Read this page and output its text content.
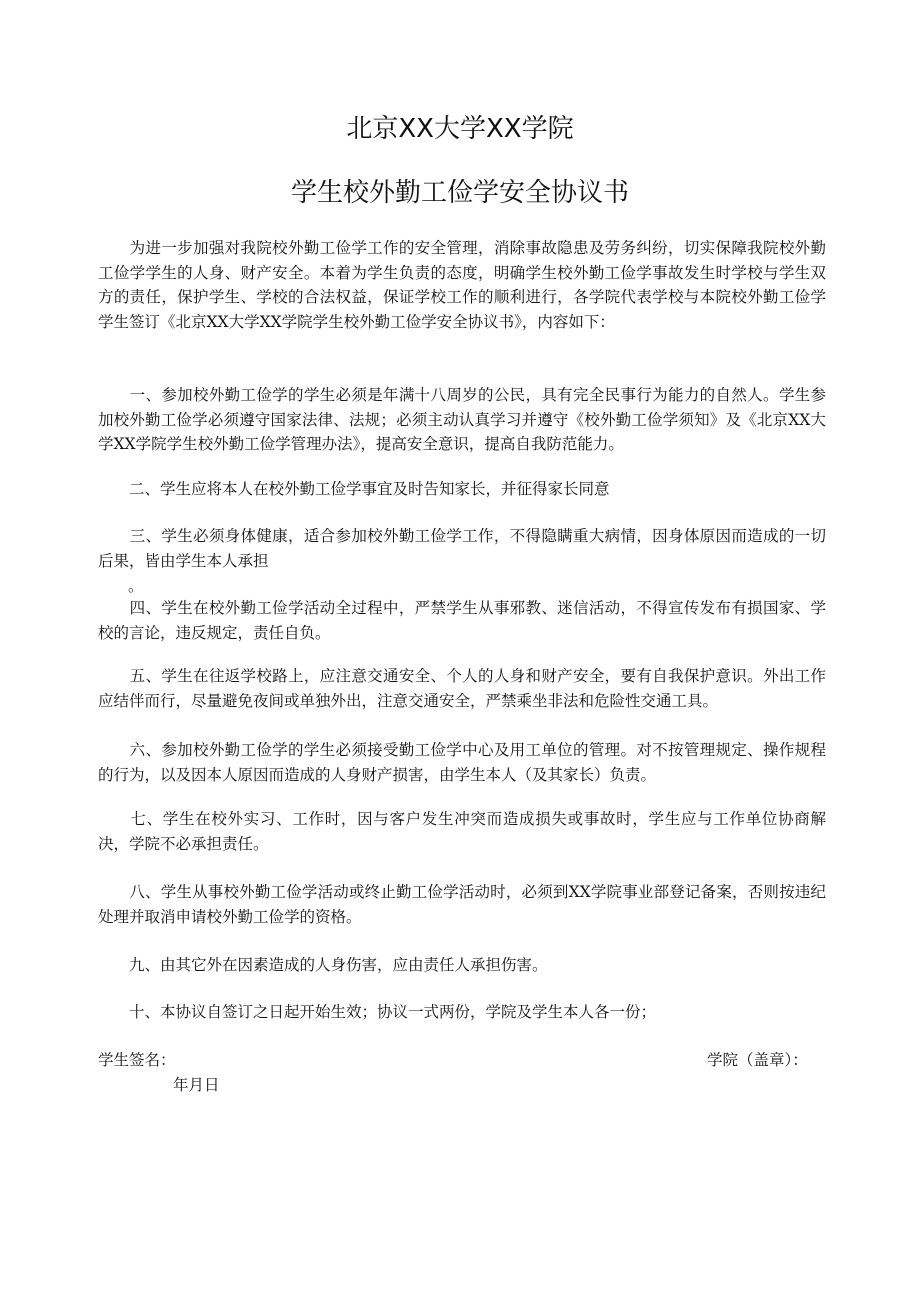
北京XX大学XX学院
学生校外勤工俭学安全协议书

　　为进一步加强对我院校外勤工俭学工作的安全管理，消除事故隐患及劳务纠纷，切实保障我院校外勤工俭学学生的人身、财产安全。本着为学生负责的态度，明确学生校外勤工俭学事故发生时学校与学生双方的责任，保护学生、学校的合法权益，保证学校工作的顺利进行，各学院代表学校与本院校外勤工俭学学生签订《北京XX大学XX学院学生校外勤工俭学安全协议书》，内容如下：

　　一、参加校外勤工俭学的学生必须是年满十八周岁的公民，具有完全民事行为能力的自然人。学生参加校外勤工俭学必须遵守国家法律、法规；必须主动认真学习并遵守《校外勤工俭学须知》及《北京XX大学XX学院学生校外勤工俭学管理办法》，提高安全意识，提高自我防范能力。

　　二、学生应将本人在校外勤工俭学事宜及时告知家长，并征得家长同意

　　三、学生必须身体健康，适合参加校外勤工俭学工作，不得隐瞒重大病情，因身体原因而造成的一切后果，皆由学生本人承担

。

　　四、学生在校外勤工俭学活动全过程中，严禁学生从事邪教、迷信活动，不得宣传发布有损国家、学校的言论，违反规定，责任自负。

　　五、学生在往返学校路上，应注意交通安全、个人的人身和财产安全，要有自我保护意识。外出工作应结伴而行，尽量避免夜间或单独外出，注意交通安全，严禁乘坐非法和危险性交通工具。

　　六、参加校外勤工俭学的学生必须接受勤工俭学中心及用工单位的管理。对不按管理规定、操作规程的行为，以及因本人原因而造成的人身财产损害，由学生本人（及其家长）负责。

　　七、学生在校外实习、工作时，因与客户发生冲突而造成损失或事故时，学生应与工作单位协商解决，学院不必承担责任。

　　八、学生从事校外勤工俭学活动或终止勤工俭学活动时，必须到XX学院事业部登记备案，否则按违纪处理并取消申请校外勤工俭学的资格。

　　九、由其它外在因素造成的人身伤害，应由责任人承担伤害。

　　十、本协议自签订之日起开始生效；协议一式两份，学院及学生本人各一份；

学生签名：	学院（盖章）：

年月日
